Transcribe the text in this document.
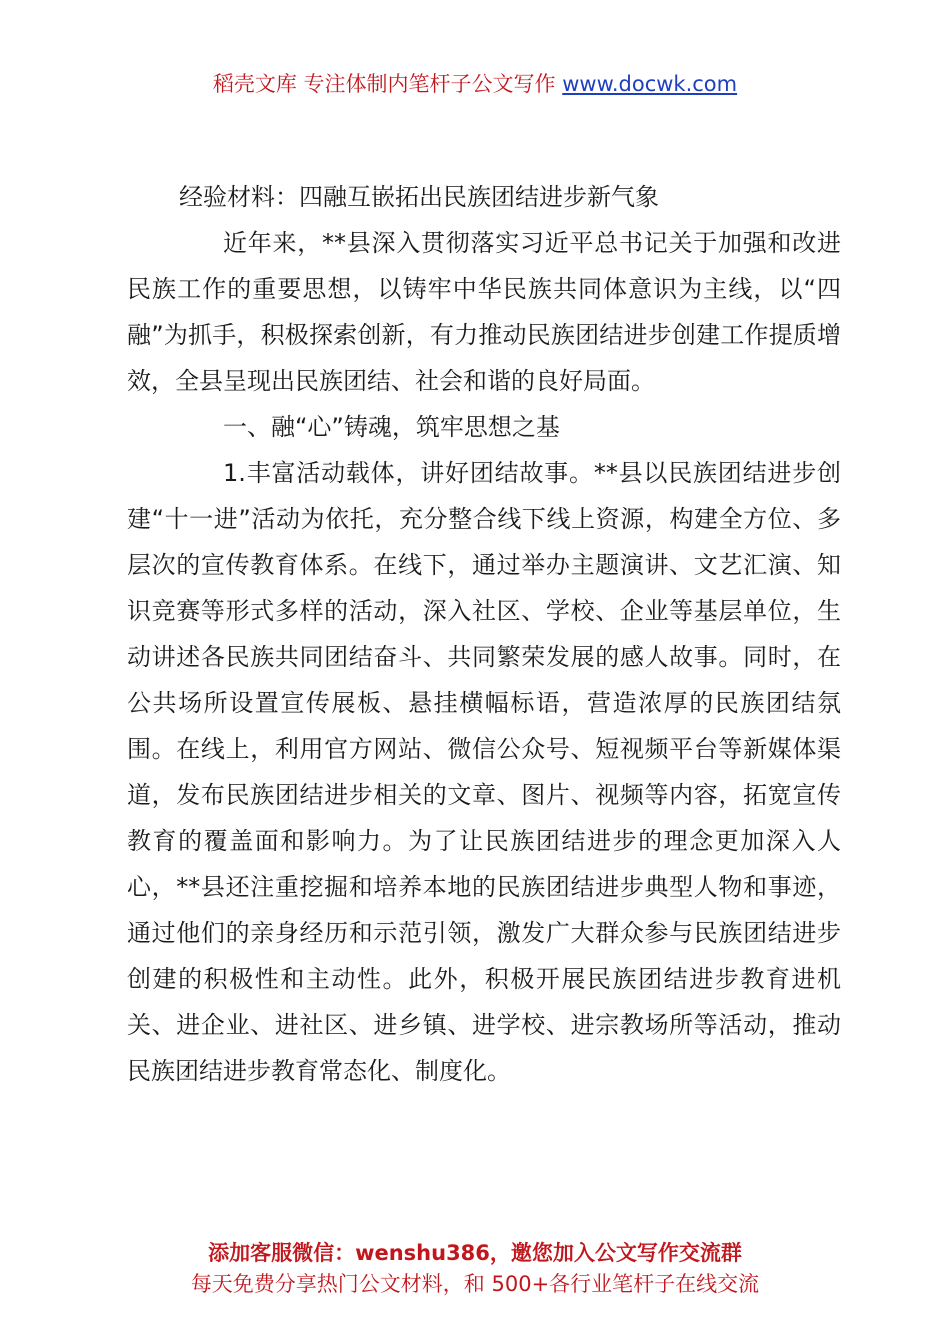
稻壳文库 专注体制内笔杆子公文写作 www.docwk.com

经验材料：四融互嵌拓出民族团结进步新气象

近年来，**县深入贯彻落实习近平总书记关于加强和改进民族工作的重要思想，以铸牢中华民族共同体意识为主线，以“四融”为抓手，积极探索创新，有力推动民族团结进步创建工作提质增效，全县呈现出民族团结、社会和谐的良好局面。

一、融“心”铸魂，筑牢思想之基

1.丰富活动载体，讲好团结故事。**县以民族团结进步创建“十一进”活动为依托，充分整合线下线上资源，构建全方位、多层次的宣传教育体系。在线下，通过举办主题演讲、文艺汇演、知识竞赛等形式多样的活动，深入社区、学校、企业等基层单位，生动讲述各民族共同团结奋斗、共同繁荣发展的感人故事。同时，在公共场所设置宣传展板、悬挂横幅标语，营造浓厚的民族团结氛围。在线上，利用官方网站、微信公众号、短视频平台等新媒体渠道，发布民族团结进步相关的文章、图片、视频等内容，拓宽宣传教育的覆盖面和影响力。为了让民族团结进步的理念更加深入人心，**县还注重挖掘和培养本地的民族团结进步典型人物和事迹，通过他们的亲身经历和示范引领，激发广大群众参与民族团结进步创建的积极性和主动性。此外，积极开展民族团结进步教育进机关、进企业、进社区、进乡镇、进学校、进宗教场所等活动，推动民族团结进步教育常态化、制度化。

添加客服微信：wenshu386，邀您加入公文写作交流群
每天免费分享热门公文材料，和 500+各行业笔杆子在线交流
